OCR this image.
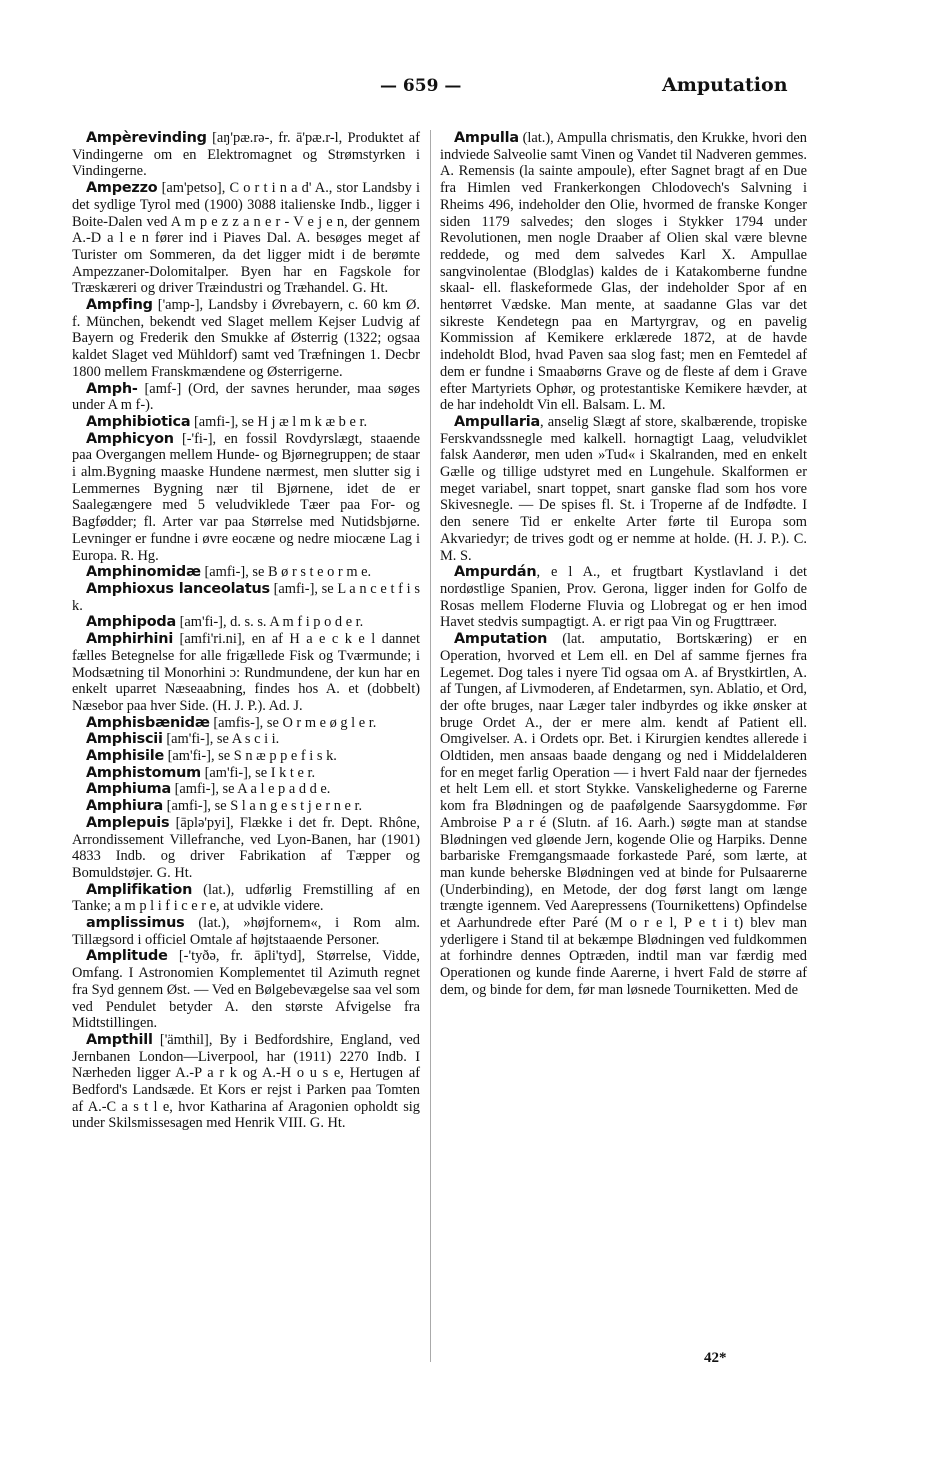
— 659 —	Amputation

Ampèrevinding [aŋ'pæ.rə-, fr. ā'pæ.r-l, Produktet af Vindingerne om en Elektromagnet og Strømstyrken i Vindingerne.

Ampezzo [am'petso], C o r t i n a d' A., stor Landsby i det sydlige Tyrol med (1900) 3088 italienske Indb., ligger i Boite-Dalen ved A m p e z z a n e r - V e j e n, der gennem A.-D a l e n fører ind i Piaves Dal. A. besøges meget af Turister om Sommeren, da det ligger midt i de berømte Ampezzaner-Dolomitalper. Byen har en Fagskole for Træskæreri og driver Træindustri og Træhandel. G. Ht.

Ampfing ['amp-], Landsby i Øvrebayern, c. 60 km Ø. f. München, bekendt ved Slaget mellem Kejser Ludvig af Bayern og Frederik den Smukke af Østerrig (1322; ogsaa kaldet Slaget ved Mühldorf) samt ved Træfningen 1. Decbr 1800 mellem Franskmændene og Østerrigerne.

Amph- [amf-] (Ord, der savnes herunder, maa søges under A m f-).

Amphibiotica [amfi-], se H j æ l m k æ b e r.

Amphicyon [-'fi-], en fossil Rovdyrslægt, staaende paa Overgangen mellem Hunde- og Bjørnegruppen; de staar i alm.Bygning maaske Hundene nærmest, men slutter sig i Lemmernes Bygning nær til Bjørnene, idet de er Saalegængere med 5 veludviklede Tæer paa For- og Bagfødder; fl. Arter var paa Størrelse med Nutidsbjørne. Levninger er fundne i øvre eocæne og nedre miocæne Lag i Europa. R. Hg.

Amphinomidæ [amfi-], se B ø r s t e o r m e.

Amphioxus lanceolatus [amfi-], se L a n c e t f i s k.

Amphipoda [am'fi-], d. s. s. A m f i p o d e r.

Amphirhini [amfi'ri.ni], en af H a e c k e l dannet fælles Betegnelse for alle frigællede Fisk og Tværmunde; i Modsætning til Monorhini ɔ: Rundmundene, der kun har en enkelt uparret Næseaabning, findes hos A. et (dobbelt) Næsebor paa hver Side. (H. J. P.). Ad. J.

Amphisbænidæ [amfis-], se O r m e ø g l e r.

Amphiscii [am'fi-], se A s c i i.

Amphisile [am'fi-], se S n æ p p e f i s k.

Amphistomum [am'fi-], se I k t e r.

Amphiuma [amfi-], se A a l e p a d d e.

Amphiura [amfi-], se S l a n g e s t j e r n e r.

Amplepuis [āplə'pyi], Flække i det fr. Dept. Rhône, Arrondissement Villefranche, ved Lyon-Banen, har (1901) 4833 Indb. og driver Fabrikation af Tæpper og Bomuldstøjer. G. Ht.

Amplifikation (lat.), udførlig Fremstilling af en Tanke; a m p l i f i c e r e, at udvikle videre.

amplissimus (lat.), »højfornem«, i Rom alm. Tillægsord i officiel Omtale af højtstaaende Personer.

Amplitude [-'tyðə, fr. āpli'tyd], Størrelse, Vidde, Omfang. I Astronomien Komplementet til Azimuth regnet fra Syd gennem Øst. — Ved en Bølgebevægelse saa vel som ved Pendulet betyder A. den største Afvigelse fra Midtstillingen.

Ampthill ['ämthil], By i Bedfordshire, England, ved Jernbanen London—Liverpool, har (1911) 2270 Indb. I Nærheden ligger A.-P a r k og A.-H o u s e, Hertugen af Bedford's Landsæde. Et Kors er rejst i Parken paa Tomten af A.-C a s t l e, hvor Katharina af Aragonien opholdt sig under Skilsmissesagen med Henrik VIII. G. Ht.

Ampulla (lat.), Ampulla chrismatis, den Krukke, hvori den indviede Salveolie samt Vinen og Vandet til Nadveren gemmes. A. Remensis (la sainte ampoule), efter Sagnet bragt af en Due fra Himlen ved Frankerkongen Chlodovech's Salvning i Rheims 496, indeholder den Olie, hvormed de franske Konger siden 1179 salvedes; den sloges i Stykker 1794 under Revolutionen, men nogle Draaber af Olien skal være blevne reddede, og med dem salvedes Karl X. Ampullae sangvinolentae (Blodglas) kaldes de i Katakomberne fundne skaal- ell. flaskeformede Glas, der indeholder Spor af en hentørret Vædske. Man mente, at saadanne Glas var det sikreste Kendetegn paa en Martyrgrav, og en pavelig Kommission af Kemikere erklærede 1872, at de havde indeholdt Blod, hvad Paven saa slog fast; men en Femtedel af dem er fundne i Smaabørns Grave og de fleste af dem i Grave efter Martyriets Ophør, og protestantiske Kemikere hævder, at de har indeholdt Vin ell. Balsam. L. M.

Ampullaria, anselig Slægt af store, skalbærende, tropiske Ferskvandssnegle med kalkell. hornagtigt Laag, veludviklet falsk Aanderør, men uden »Tud« i Skalranden, med en enkelt Gælle og tillige udstyret med en Lungehule. Skalformen er meget variabel, snart toppet, snart ganske flad som hos vore Skivesnegle. — De spises fl. St. i Troperne af de Indfødte. I den senere Tid er enkelte Arter førte til Europa som Akvariedyr; de trives godt og er nemme at holde. (H. J. P.). C. M. S.

Ampurdán, e l A., et frugtbart Kystlavland i det nordøstlige Spanien, Prov. Gerona, ligger inden for Golfo de Rosas mellem Floderne Fluvia og Llobregat og er hen imod Havet stedvis sumpagtigt. A. er rigt paa Vin og Frugttræer.

Amputation (lat. amputatio, Bortskæring) er en Operation, hvorved et Lem ell. en Del af samme fjernes fra Legemet. Dog tales i nyere Tid ogsaa om A. af Brystkirtlen, A. af Tungen, af Livmoderen, af Endetarmen, syn. Ablatio, et Ord, der ofte bruges, naar Læger taler indbyrdes og ikke ønsker at bruge Ordet A., der er mere alm. kendt af Patient ell. Omgivelser. A. i Ordets opr. Bet. i Kirurgien kendtes allerede i Oldtiden, men ansaas baade dengang og ned i Middelalderen for en meget farlig Operation — i hvert Fald naar der fjernedes et helt Lem ell. et stort Stykke. Vanskelighederne og Farerne kom fra Blødningen og de paafølgende Saarsygdomme. Før Ambroise P a r é (Slutn. af 16. Aarh.) søgte man at standse Blødningen ved gløende Jern, kogende Olie og Harpiks. Denne barbariske Fremgangsmaade forkastede Paré, som lærte, at man kunde beherske Blødningen ved at binde for Pulsaarerne (Underbinding), en Metode, der dog først langt om længe trængte igennem. Ved Aarepressens (Tournikettens) Opfindelse et Aarhundrede efter Paré (M o r e l, P e t i t) blev man yderligere i Stand til at bekæmpe Blødningen ved fuldkommen at forhindre dennes Optræden, indtil man var færdig med Operationen og kunde finde Aarerne, i hvert Fald de større af dem, og binde for dem, før man løsnede Tourniketten. Med de

42*
